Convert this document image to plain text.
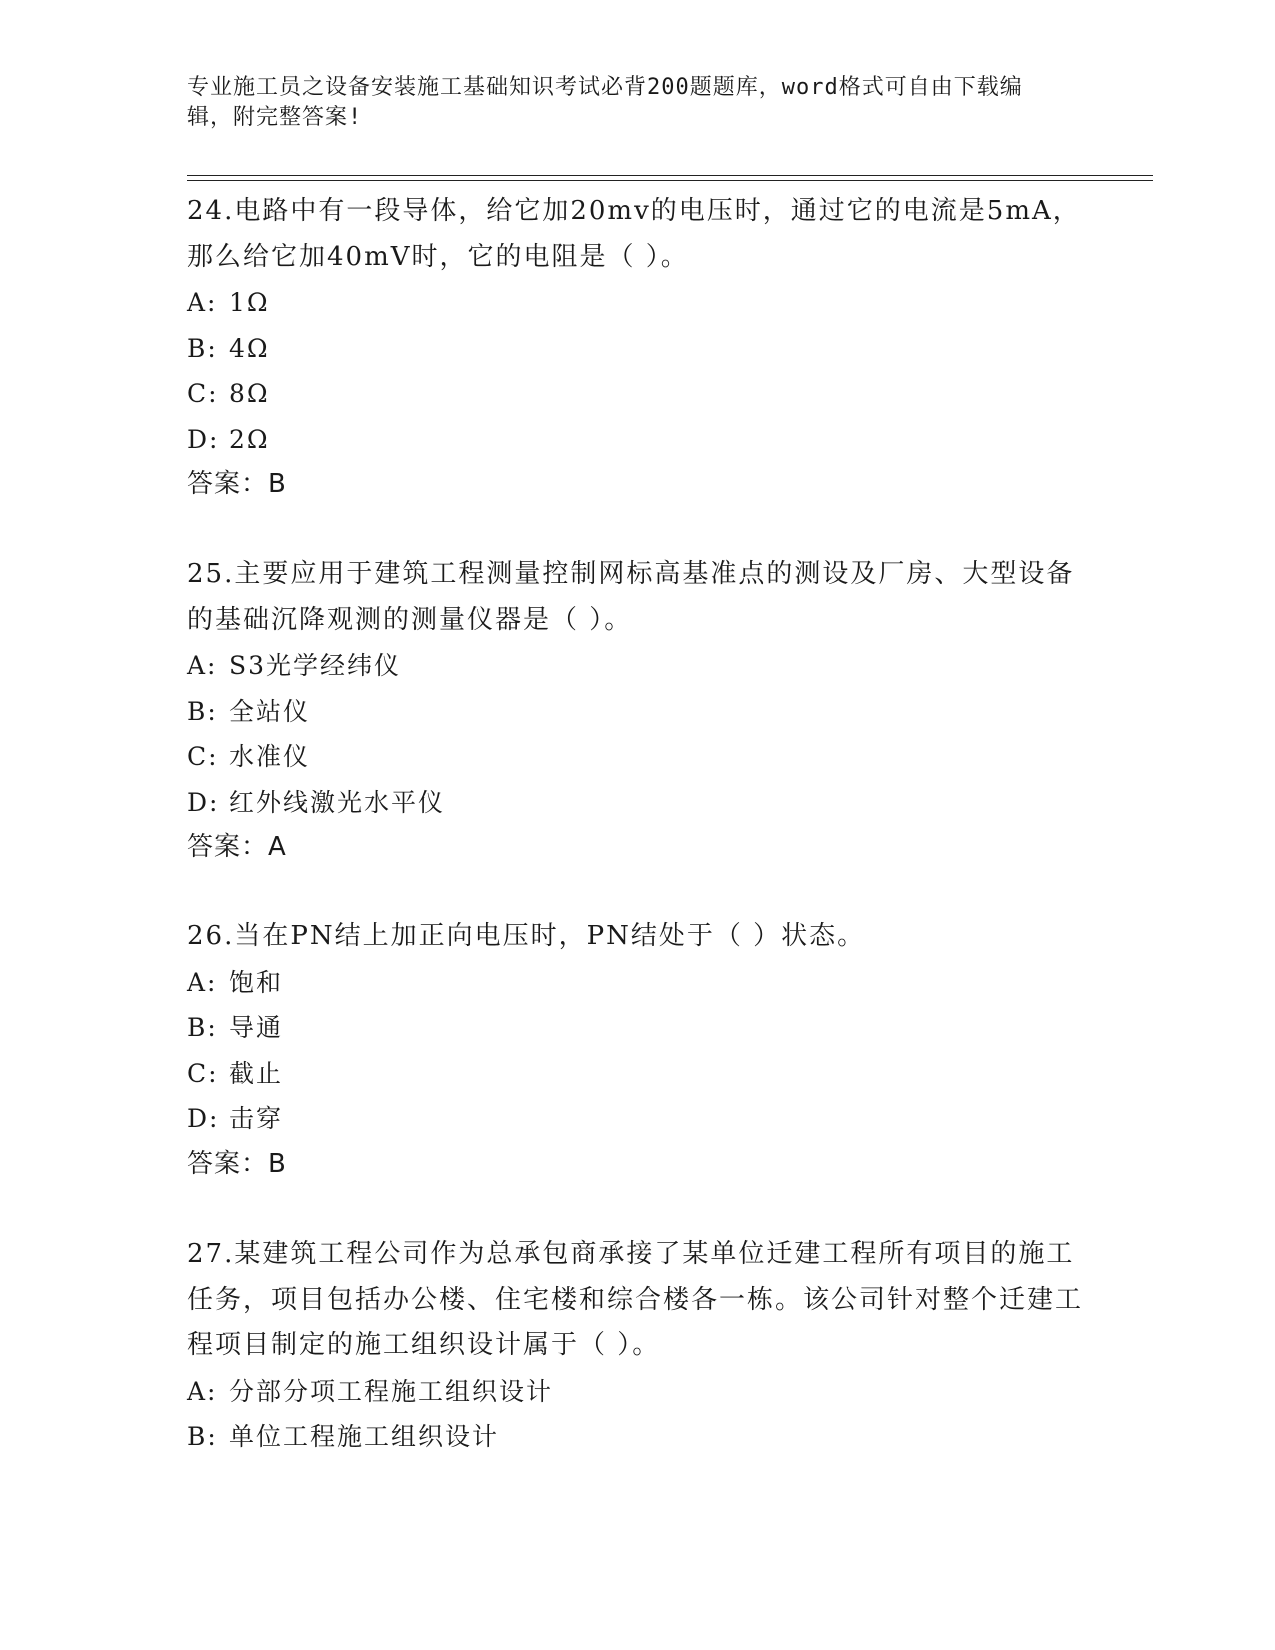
专业施工员之设备安装施工基础知识考试必背200题题库，word格式可自由下载编辑，附完整答案!

24.电路中有一段导体，给它加20mv的电压时，通过它的电流是5mA，那么给它加40mV时，它的电阻是（ ）。

A: 1Ω

B: 4Ω

C: 8Ω

D: 2Ω

答案：B

25.主要应用于建筑工程测量控制网标高基准点的测设及厂房、大型设备的基础沉降观测的测量仪器是（ ）。

A: S3光学经纬仪

B: 全站仪

C: 水准仪

D: 红外线激光水平仪

答案：A

26.当在PN结上加正向电压时，PN结处于（ ）状态。

A: 饱和

B: 导通

C: 截止

D: 击穿

答案：B

27.某建筑工程公司作为总承包商承接了某单位迁建工程所有项目的施工任务，项目包括办公楼、住宅楼和综合楼各一栋。该公司针对整个迁建工程项目制定的施工组织设计属于（ ）。

A: 分部分项工程施工组织设计

B: 单位工程施工组织设计
